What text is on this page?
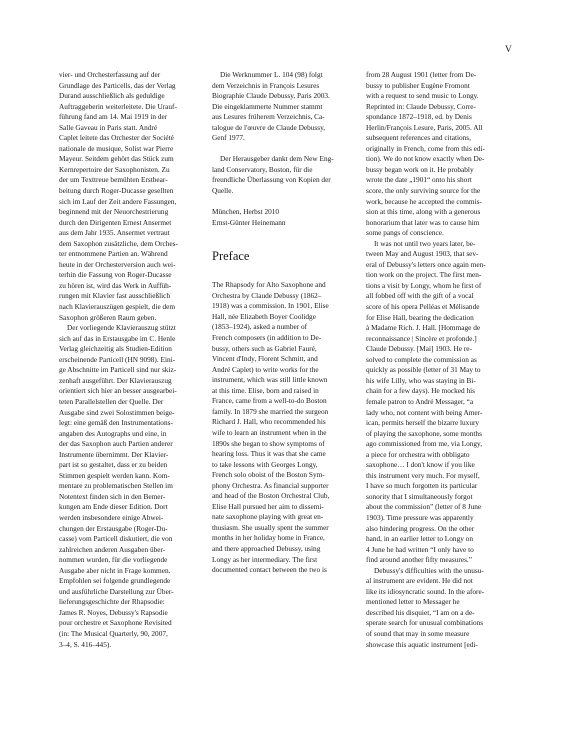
V
vier- und Orchesterfassung auf der
Grundlage des Particells, das der Verlag
Durand ausschließlich als geduldige
Auftraggeberin weiterleitete. Die Urauf-
führung fand am 14. Mai 1919 in der
Salle Gaveau in Paris statt. André
Caplet leitete das Orchester der Société
nationale de musique, Solist war Pierre
Mayeur. Seitdem gehört das Stück zum
Kernrepertoire der Saxophonisten. Zu
der um Texttreue bemühten Erstbear-
beitung durch Roger-Ducasse gesellten
sich im Lauf der Zeit andere Fassungen,
beginnend mit der Neuorchestrierung
durch den Dirigenten Ernest Ansermet
aus dem Jahr 1935. Ansermet vertraut
dem Saxophon zusätzliche, dem Orches-
ter entnommene Partien an. Während
heute in der Orchesterversion auch wei-
terhin die Fassung von Roger-Ducasse
zu hören ist, wird das Werk in Auffüh-
rungen mit Klavier fast ausschließlich
nach Klavierauszügen gespielt, die dem
Saxophon größeren Raum geben.
Der vorliegende Klavierauszug stützt
sich auf das in Erstausgabe im C. Henle
Verlag gleichzeitig als Studien-Edition
erscheinende Particell (HN 9098). Eini-
ge Abschnitte im Particell sind nur skiz-
zenhaft ausgeführt. Der Klavierauszug
orientiert sich hier an besser ausgearbei-
teten Parallelstellen der Quelle. Der
Ausgabe sind zwei Solostimmen beige-
legt: eine gemäß den Instrumentations-
angaben des Autographs und eine, in
der das Saxophon auch Partien anderer
Instrumente übernimmt. Der Klavier-
part ist so gestaltet, dass er zu beiden
Stimmen gespielt werden kann. Kom-
mentare zu problematischen Stellen im
Notentext finden sich in den Bemer-
kungen am Ende dieser Edition. Dort
werden insbesondere einige Abwei-
chungen der Erstausgabe (Roger-Du-
casse) vom Particell diskutiert, die von
zahlreichen anderen Ausgaben über-
nommen wurden, für die vorliegende
Ausgabe aber nicht in Frage kommen.
Empfohlen sei folgende grundlegende
und ausführliche Darstellung zur Über-
lieferungsgeschichte der Rhapsodie:
James R. Noyes, Debussy's Rapsodie
pour orchestre et Saxophone Revisited
(in: The Musical Quarterly, 90, 2007,
3–4, S. 416–445).
Die Werknummer L. 104 (98) folgt
dem Verzeichnis in François Lesures
Biographie Claude Debussy, Paris 2003.
Die eingeklammerte Nummer stammt
aus Lesures früherem Verzeichnis, Ca-
talogue de l'œuvre de Claude Debussy,
Genf 1977.
Der Herausgeber dankt dem New Eng-
land Conservatory, Boston, für die
freundliche Überlassung von Kopien der
Quelle.
München, Herbst 2010
Ernst-Günter Heinemann
Preface
The Rhapsody for Alto Saxophone and
Orchestra by Claude Debussy (1862–
1918) was a commission. In 1901, Elise
Hall, née Elizabeth Boyer Coolidge
(1853–1924), asked a number of
French composers (in addition to De-
bussy, others such as Gabriel Fauré,
Vincent d'Indy, Florent Schmitt, and
André Caplet) to write works for the
instrument, which was still little known
at this time. Elise, born and raised in
France, came from a well-to-do Boston
family. In 1879 she married the surgeon
Richard J. Hall, who recommended his
wife to learn an instrument when in the
1890s she began to show symptoms of
hearing loss. Thus it was that she came
to take lessons with Georges Longy,
French solo oboist of the Boston Sym-
phony Orchestra. As financial supporter
and head of the Boston Orchestral Club,
Elise Hall pursued her aim to dissemi-
nate saxophone playing with great en-
thusiasm. She usually spent the summer
months in her holiday home in France,
and there approached Debussy, using
Longy as her intermediary. The first
documented contact between the two is
from 28 August 1901 (letter from De-
bussy to publisher Eugène Fromont
with a request to send music to Longy.
Reprinted in: Claude Debussy, Corre-
spondance 1872–1918, ed. by Denis
Herlin/François Lesure, Paris, 2005. All
subsequent references and citations,
originally in French, come from this edi-
tion). We do not know exactly when De-
bussy began work on it. He probably
wrote the date „1901“ onto his short
score, the only surviving source for the
work, because he accepted the commis-
sion at this time, along with a generous
honorarium that later was to cause him
some pangs of conscience.
It was not until two years later, be-
tween May and August 1903, that sev-
eral of Debussy's letters once again men-
tion work on the project. The first men-
tions a visit by Longy, whom he first of
all fobbed off with the gift of a vocal
score of his opera Pelléas et Mélisande
for Elise Hall, bearing the dedication
à Madame Rich. J. Hall. [Hommage de
reconnaissance | Sincère et profonde.]
Claude Debussy. [Mai] 1903. He re-
solved to complete the commission as
quickly as possible (letter of 31 May to
his wife Lilly, who was staying in Bi-
chain for a few days). He mocked his
female patron to André Messager, “a
lady who, not content with being Amer-
ican, permits herself the bizarre luxury
of playing the saxophone, some months
ago commissioned from me, via Longy,
a piece for orchestra with obbligato
saxophone… I don't know if you like
this instrument very much. For myself,
I have so much forgotten its particular
sonority that I simultaneously forgot
about the commission” (letter of 8 June
1903). Time pressure was apparently
also hindering progress. On the other
hand, in an earlier letter to Longy on
4 June he had written “I only have to
find around another fifty measures.”
Debussy's difficulties with the unusu-
al instrument are evident. He did not
like its idiosyncratic sound. In the afore-
mentioned letter to Messager he
described his disquiet, “I am on a de-
sperate search for unusual combinations
of sound that may in some measure
showcase this aquatic instrument [edi-
